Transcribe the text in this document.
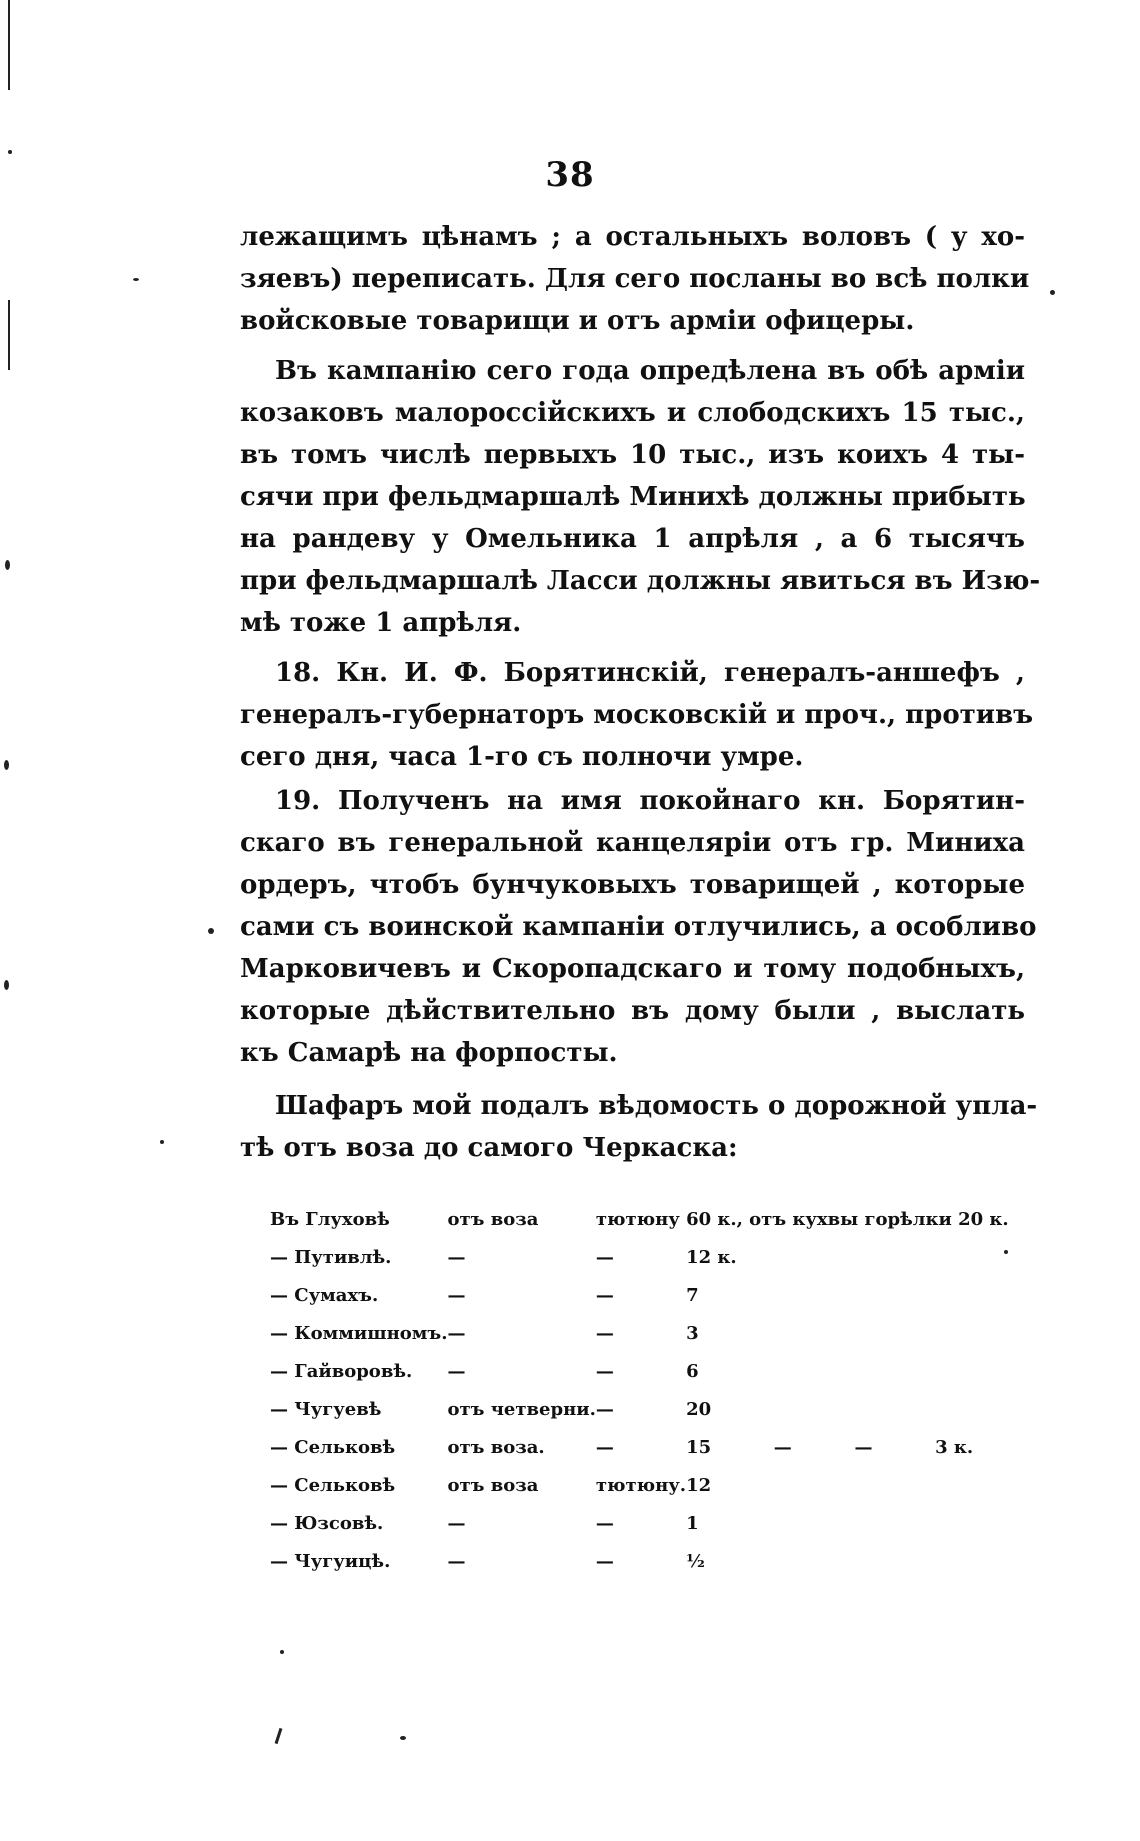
38
лежащимъ цѣнамъ ; а остальныхъ воловъ ( у хо-
зяевъ) переписать. Для сего посланы во всѣ полки
войсковые товарищи и отъ армiи офицеры.
Въ кампанiю сего года опредѣлена въ обѣ армiи
козаковъ малороссiйскихъ и слободскихъ 15 тыс.,
въ томъ числѣ первыхъ 10 тыс., изъ коихъ 4 ты-
сячи при фельдмаршалѣ Минихѣ должны прибыть
на рандеву у Омельника 1 апрѣля , а 6 тысячъ
при фельдмаршалѣ Ласси должны явиться въ Изю-
мѣ тоже 1 апрѣля.
18. Кн. И. Ф. Борятинскiй, генералъ-аншефъ ,
генералъ-губернаторъ московскiй и проч., противъ
сего дня, часа 1-го съ полночи умре.
19. Полученъ на имя покойнаго кн. Борятин-
скаго въ генеральной канцелярiи отъ гр. Миниха
ордеръ, чтобъ бунчуковыхъ товарищей , которые
сами съ воинской кампанiи отлучились, а особливо
Марковичевъ и Скоропадскаго и тому подобныхъ,
которые дѣйствительно въ дому были , выслать
къ Самарѣ на форпосты.
Шафаръ мой подалъ вѣдомость о дорожной упла-
тѣ отъ воза до самого Черкаска:
Въ Глуховѣ	отъ воза	тютюну	60 к., отъ кухвы горѣлки 20 к.
— Путивлѣ.	—	—	12 к.
— Сумахъ.	—	—	7
— Коммишномъ.	—	—	3
— Гайворовѣ.	—	—	6
— Чугуевѣ	отъ четверни.	—	20
— Сельковѣ	отъ воза.	—	15          —          —          3 к.
— Сельковѣ	отъ воза	тютюну.	12
— Юзсовѣ.	—	—	1
— Чугуицѣ.	—	—	½
